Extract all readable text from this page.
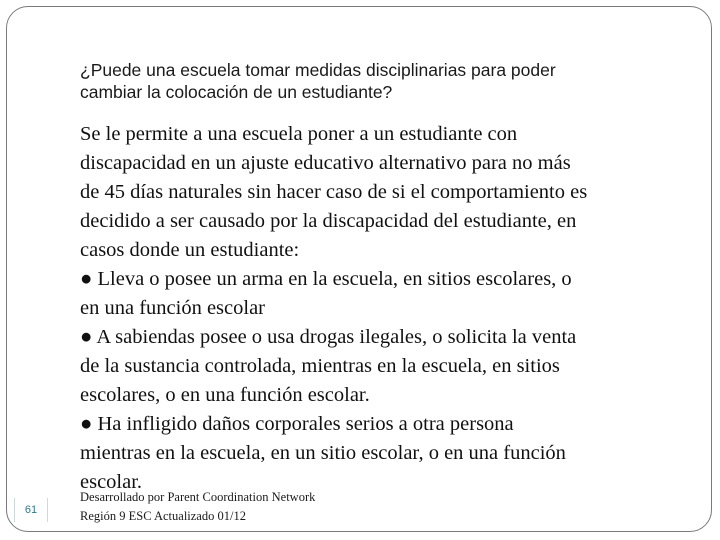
¿Puede una escuela tomar medidas disciplinarias para poder
cambiar la colocación de un estudiante?
Se le permite a una escuela poner a un estudiante con
discapacidad en un ajuste educativo alternativo para no más
de 45 días naturales sin hacer caso de si el comportamiento es
decidido a ser causado por la discapacidad del estudiante, en
casos donde un estudiante:
● Lleva o posee un arma en la escuela, en sitios escolares, o
en una función escolar
● A sabiendas posee o usa drogas ilegales, o solicita la venta
de la sustancia controlada, mientras en la escuela, en sitios
escolares, o en una función escolar.
● Ha infligido daños corporales serios a otra persona
mientras en la escuela, en un sitio escolar, o en una función
escolar.
Desarrollado por Parent Coordination Network
Región 9 ESC Actualizado 01/12
61
